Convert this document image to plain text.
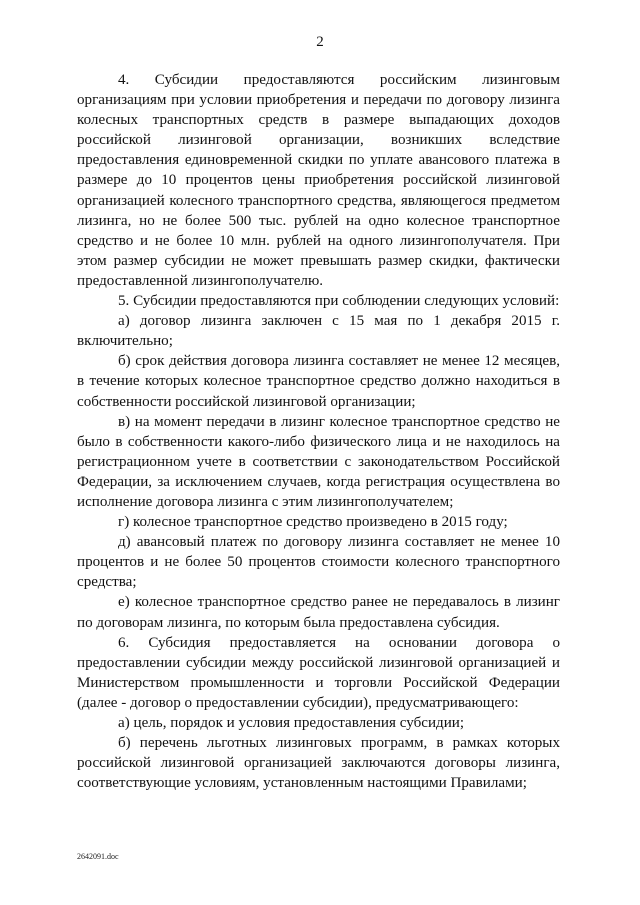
2

4. Субсидии предоставляются российским лизинговым организациям при условии приобретения и передачи по договору лизинга колесных транспортных средств в размере выпадающих доходов российской лизинговой организации, возникших вследствие предоставления единовременной скидки по уплате авансового платежа в размере до 10 процентов цены приобретения российской лизинговой организацией колесного транспортного средства, являющегося предметом лизинга, но не более 500 тыс. рублей на одно колесное транспортное средство и не более 10 млн. рублей на одного лизингополучателя. При этом размер субсидии не может превышать размер скидки, фактически предоставленной лизингополучателю.

5. Субсидии предоставляются при соблюдении следующих условий:

а) договор лизинга заключен с 15 мая по 1 декабря 2015 г. включительно;

б) срок действия договора лизинга составляет не менее 12 месяцев, в течение которых колесное транспортное средство должно находиться в собственности российской лизинговой организации;

в) на момент передачи в лизинг колесное транспортное средство не было в собственности какого-либо физического лица и не находилось на регистрационном учете в соответствии с законодательством Российской Федерации, за исключением случаев, когда регистрация осуществлена во исполнение договора лизинга с этим лизингополучателем;

г) колесное транспортное средство произведено в 2015 году;

д) авансовый платеж по договору лизинга составляет не менее 10 процентов и не более 50 процентов стоимости колесного транспортного средства;

е) колесное транспортное средство ранее не передавалось в лизинг по договорам лизинга, по которым была предоставлена субсидия.

6. Субсидия предоставляется на основании договора о предоставлении субсидии между российской лизинговой организацией и Министерством промышленности и торговли Российской Федерации (далее - договор о предоставлении субсидии), предусматривающего:

а) цель, порядок и условия предоставления субсидии;

б) перечень льготных лизинговых программ, в рамках которых российской лизинговой организацией заключаются договоры лизинга, соответствующие условиям, установленным настоящими Правилами;

2642091.doc
